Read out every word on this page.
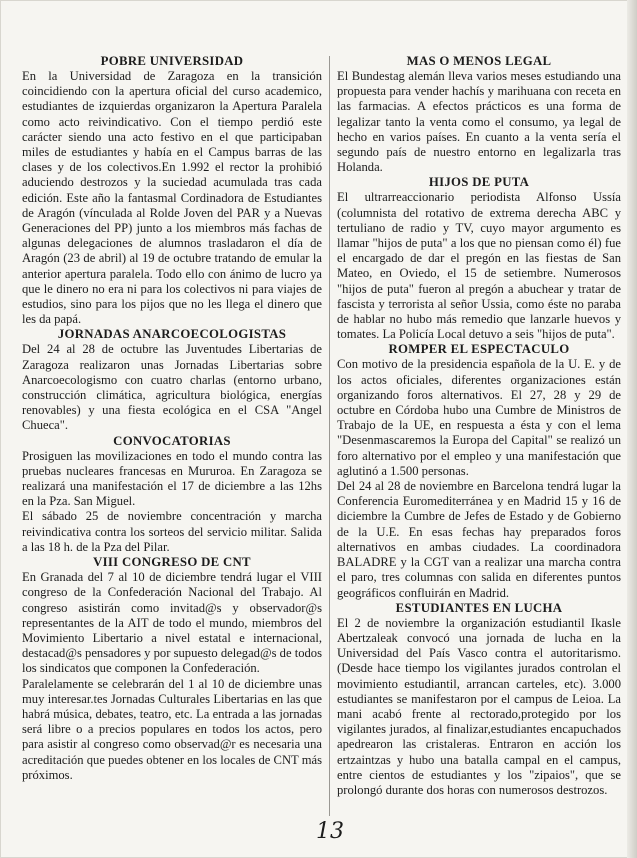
POBRE UNIVERSIDAD

En la Universidad de Zaragoza en la transición coincidiendo con la apertura oficial del curso academico, estudiantes de izquierdas organizaron la Apertura Paralela como acto reivindicativo. Con el tiempo perdió este carácter siendo una acto festivo en el que participaban miles de estudiantes y había en el Campus barras de las clases y de los colectivos.En 1.992 el rector la prohibió aduciendo destrozos y la suciedad acumulada tras cada edición. Este año la fantasmal Cordinadora de Estudiantes de Aragón (vínculada al Rolde Joven del PAR y a Nuevas Generaciones del PP) junto a los miembros más fachas de algunas delegaciones de alumnos trasladaron el día de Aragón (23 de abril) al 19 de octubre tratando de emular la anterior apertura paralela. Todo ello con ánimo de lucro ya que le dinero no era ni para los colectivos ni para viajes de estudios, sino para los pijos que no les llega el dinero que les da papá.

JORNADAS ANARCOECOLOGISTAS

Del 24 al 28 de octubre las Juventudes Libertarias de Zaragoza realizaron unas Jornadas Libertarias sobre Anarcoecologismo con cuatro charlas (entorno urbano, construcción climática, agricultura biológica, energías renovables) y una fiesta ecológica en el CSA "Angel Chueca".

CONVOCATORIAS

Prosiguen las movilizaciones en todo el mundo contra las pruebas nucleares francesas en Mururoa. En Zaragoza se realizará una manifestación el 17 de diciembre a las 12hs en la Pza. San Miguel.

El sábado 25 de noviembre concentración y marcha reivindicativa contra los sorteos del servicio militar. Salida a las 18 h. de la Pza del Pilar.

VIII CONGRESO DE CNT

En Granada del 7 al 10 de diciembre tendrá lugar el VIII congreso de la Confederación Nacional del Trabajo. Al congreso asistirán como invitad@s y observador@s representantes de la AIT de todo el mundo, miembros del Movimiento Libertario a nivel estatal e internacional, destacad@s pensadores y por supuesto delegad@s de todos los sindicatos que componen la Confederación.

Paralelamente se celebrarán del 1 al 10 de diciembre unas muy interesar.tes Jornadas Culturales Libertarias en las que habrá música, debates, teatro, etc. La entrada a las jornadas será libre o a precios populares en todos los actos, pero para asistir al congreso como observad@r es necesaria una acreditación que puedes obtener en los locales de CNT más próximos.

MAS O MENOS LEGAL

El Bundestag alemán lleva varios meses estudiando una propuesta para vender hachís y marihuana con receta en las farmacias. A efectos prácticos es una forma de legalizar tanto la venta como el consumo, ya legal de hecho en varios países. En cuanto a la venta sería el segundo país de nuestro entorno en legalizarla tras Holanda.

HIJOS DE PUTA

El ultrarreaccionario periodista Alfonso Ussía (columnista del rotativo de extrema derecha ABC y tertuliano de radio y TV, cuyo mayor argumento es llamar "hijos de puta" a los que no piensan como él) fue el encargado de dar el pregón en las fiestas de San Mateo, en Oviedo, el 15 de setiembre. Numerosos "hijos de puta" fueron al pregón a abuchear y tratar de fascista y terrorista al señor Ussia, como éste no paraba de hablar no hubo más remedio que lanzarle huevos y tomates. La Policía Local detuvo a seis "hijos de puta".

ROMPER EL ESPECTACULO

Con motivo de la presidencia española de la U. E. y de los actos oficiales, diferentes organizaciones están organizando foros alternativos. El 27, 28 y 29 de octubre en Córdoba hubo una Cumbre de Ministros de Trabajo de la UE, en respuesta a ésta y con el lema "Desenmascaremos la Europa del Capital" se realizó un foro alternativo por el empleo y una manifestación que aglutinó a 1.500 personas.

Del 24 al 28 de noviembre en Barcelona tendrá lugar la Conferencia Euromediterránea y en Madrid 15 y 16 de diciembre la Cumbre de Jefes de Estado y de Gobierno de la U.E. En esas fechas hay preparados foros alternativos en ambas ciudades. La coordinadora BALADRE y la CGT van a realizar una marcha contra el paro, tres columnas con salida en diferentes puntos geográficos confluirán en Madrid.

ESTUDIANTES EN LUCHA

El 2 de noviembre la organización estudiantil Ikasle Abertzaleak convocó una jornada de lucha en la Universidad del País Vasco contra el autoritarismo. (Desde hace tiempo los vigilantes jurados controlan el movimiento estudiantil, arrancan carteles, etc). 3.000 estudiantes se manifestaron por el campus de Leioa. La mani acabó frente al rectorado,protegido por los vigilantes jurados, al finalizar,estudiantes encapuchados apedrearon las cristaleras. Entraron en acción los ertzaintzas y hubo una batalla campal en el campus, entre cientos de estudiantes y los "zipaios", que se prolongó durante dos horas con numerosos destrozos.

13
